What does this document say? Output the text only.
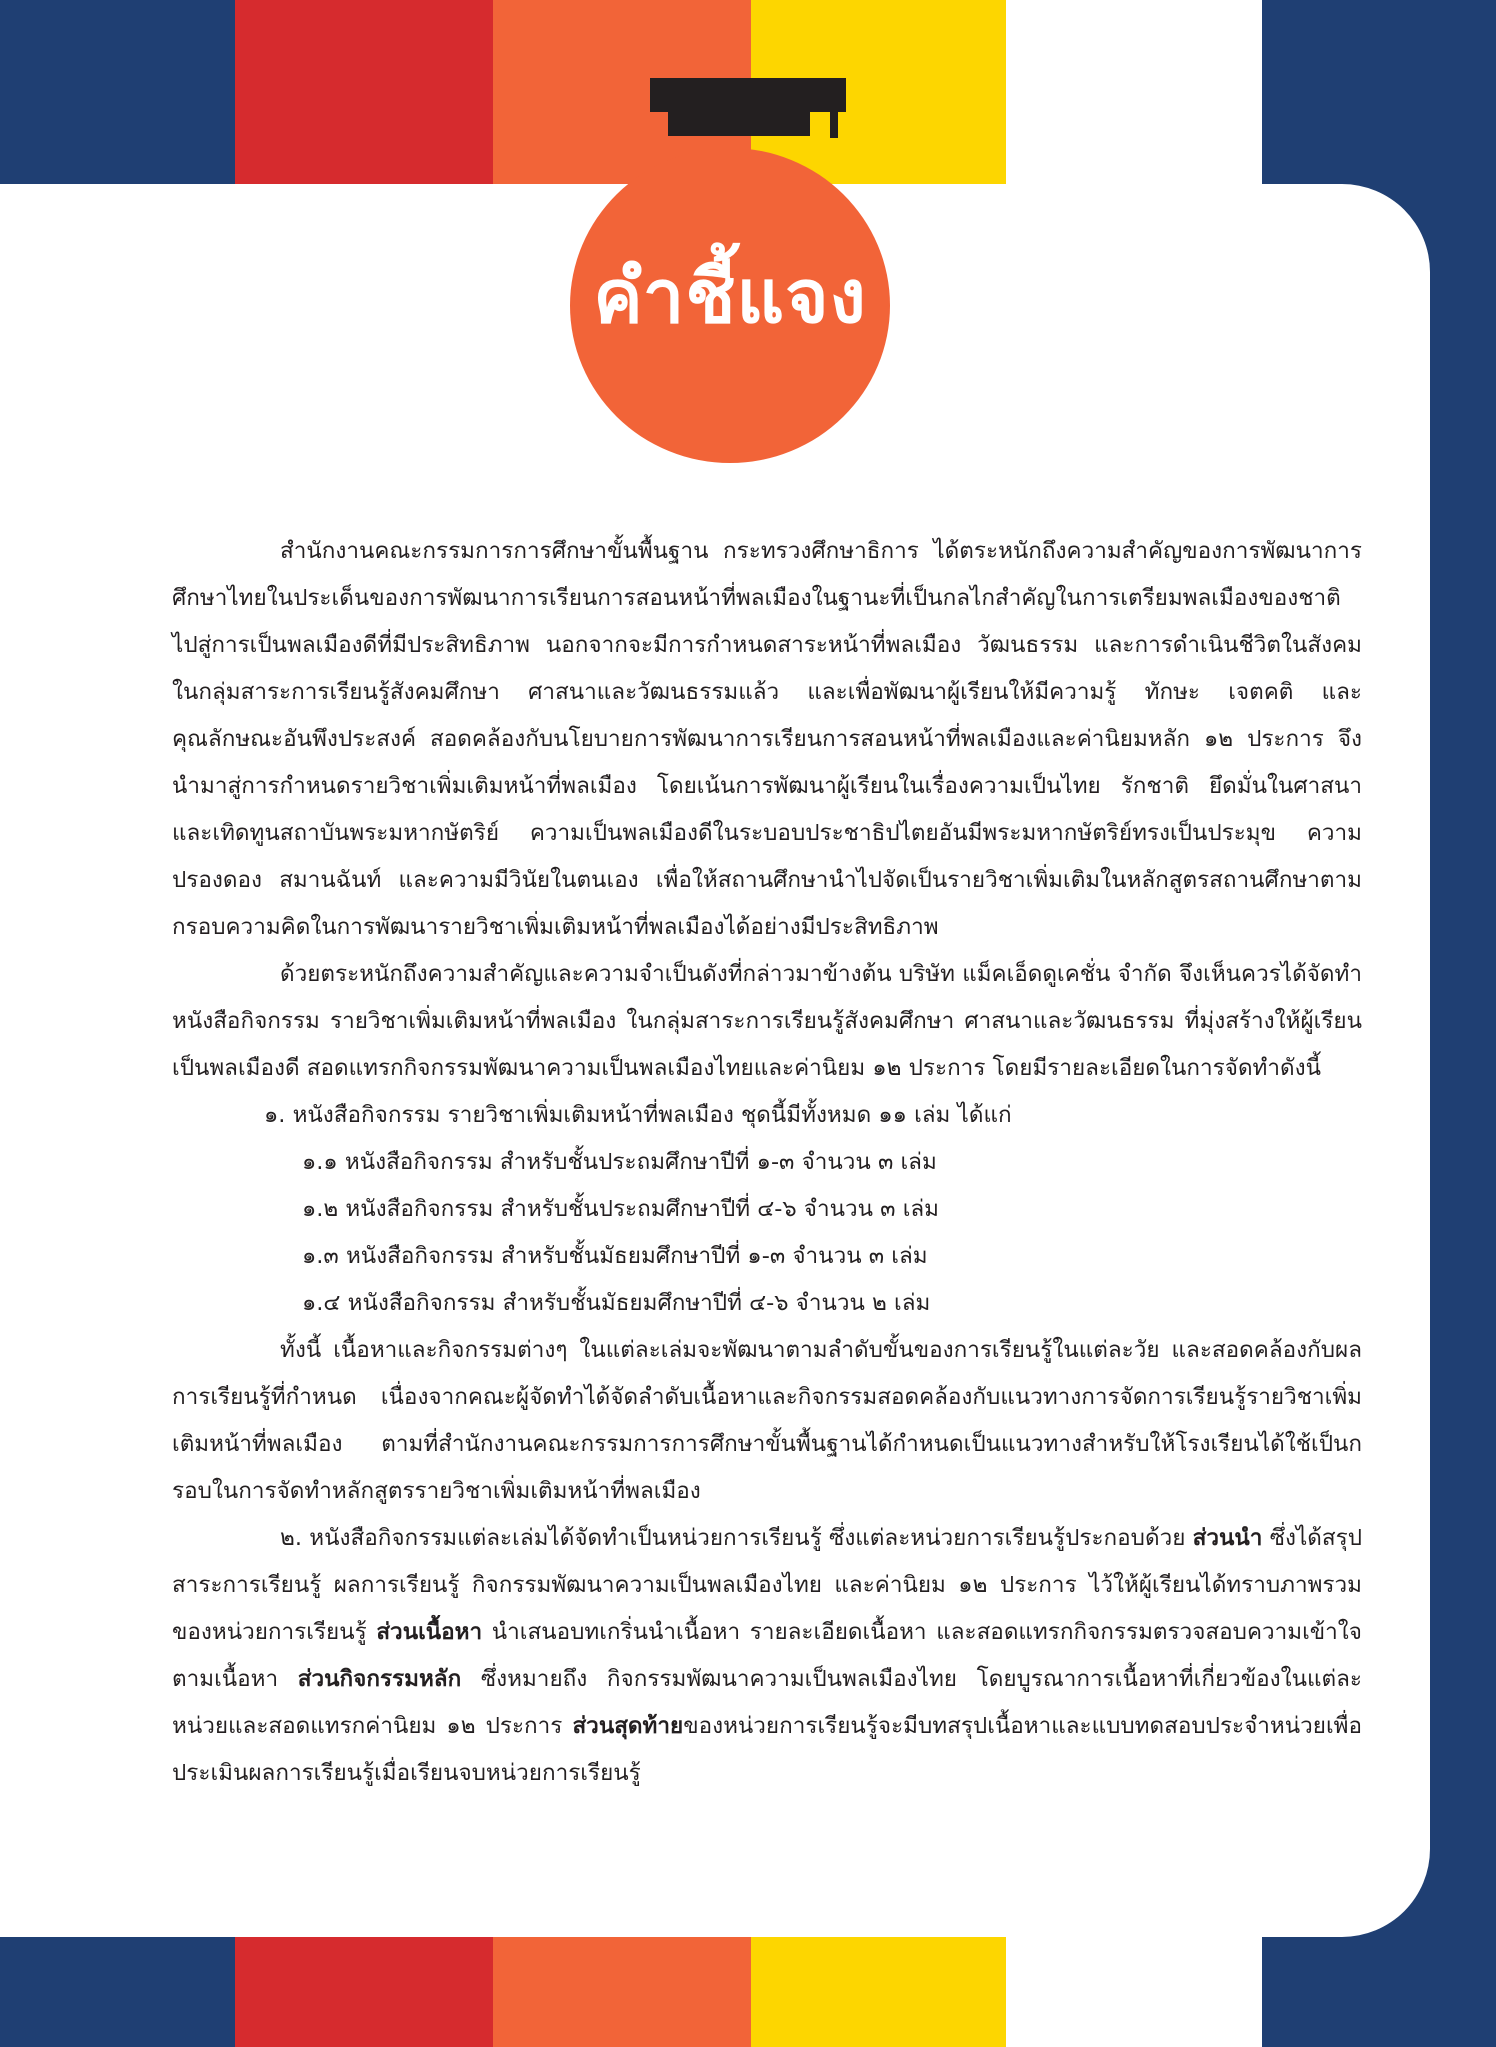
คำชี้แจง

สำนักงานคณะกรรมการการศึกษาขั้นพื้นฐาน กระทรวงศึกษาธิการ ได้ตระหนักถึงความสำคัญของการพัฒนาการศึกษาไทยในประเด็นของการพัฒนาการเรียนการสอนหน้าที่พลเมืองในฐานะที่เป็นกลไกสำคัญในการเตรียมพลเมืองของชาติไปสู่การเป็นพลเมืองดีที่มีประสิทธิภาพ นอกจากจะมีการกำหนดสาระหน้าที่พลเมือง วัฒนธรรม และการดำเนินชีวิตในสังคม ในกลุ่มสาระการเรียนรู้สังคมศึกษา ศาสนาและวัฒนธรรมแล้ว และเพื่อพัฒนาผู้เรียนให้มีความรู้ ทักษะ เจตคติ และคุณลักษณะอันพึงประสงค์ สอดคล้องกับนโยบายการพัฒนาการเรียนการสอนหน้าที่พลเมืองและค่านิยมหลัก ๑๒ ประการ จึงนำมาสู่การกำหนดรายวิชาเพิ่มเติมหน้าที่พลเมือง โดยเน้นการพัฒนาผู้เรียนในเรื่องความเป็นไทย รักชาติ ยึดมั่นในศาสนา และเทิดทูนสถาบันพระมหากษัตริย์ ความเป็นพลเมืองดีในระบอบประชาธิปไตยอันมีพระมหากษัตริย์ทรงเป็นประมุข ความปรองดอง สมานฉันท์ และความมีวินัยในตนเอง เพื่อให้สถานศึกษานำไปจัดเป็นรายวิชาเพิ่มเติมในหลักสูตรสถานศึกษาตามกรอบความคิดในการพัฒนารายวิชาเพิ่มเติมหน้าที่พลเมืองได้อย่างมีประสิทธิภาพ

ด้วยตระหนักถึงความสำคัญและความจำเป็นดังที่กล่าวมาข้างต้น บริษัท แม็คเอ็ดดูเคชั่น จำกัด จึงเห็นควรได้จัดทำหนังสือกิจกรรม รายวิชาเพิ่มเติมหน้าที่พลเมือง ในกลุ่มสาระการเรียนรู้สังคมศึกษา ศาสนาและวัฒนธรรม ที่มุ่งสร้างให้ผู้เรียนเป็นพลเมืองดี สอดแทรกกิจกรรมพัฒนาความเป็นพลเมืองไทยและค่านิยม ๑๒ ประการ โดยมีรายละเอียดในการจัดทำดังนี้

๑. หนังสือกิจกรรม รายวิชาเพิ่มเติมหน้าที่พลเมือง ชุดนี้มีทั้งหมด ๑๑ เล่ม ได้แก่

๑.๑ หนังสือกิจกรรม สำหรับชั้นประถมศึกษาปีที่ ๑-๓ จำนวน ๓ เล่ม

๑.๒ หนังสือกิจกรรม สำหรับชั้นประถมศึกษาปีที่ ๔-๖ จำนวน ๓ เล่ม

๑.๓ หนังสือกิจกรรม สำหรับชั้นมัธยมศึกษาปีที่ ๑-๓ จำนวน ๓ เล่ม

๑.๔ หนังสือกิจกรรม สำหรับชั้นมัธยมศึกษาปีที่ ๔-๖ จำนวน ๒ เล่ม

ทั้งนี้ เนื้อหาและกิจกรรมต่างๆ ในแต่ละเล่มจะพัฒนาตามลำดับขั้นของการเรียนรู้ในแต่ละวัย และสอดคล้องกับผลการเรียนรู้ที่กำหนด เนื่องจากคณะผู้จัดทำได้จัดลำดับเนื้อหาและกิจกรรมสอดคล้องกับแนวทางการจัดการเรียนรู้รายวิชาเพิ่มเติมหน้าที่พลเมือง ตามที่สำนักงานคณะกรรมการการศึกษาขั้นพื้นฐานได้กำหนดเป็นแนวทางสำหรับให้โรงเรียนได้ใช้เป็นกรอบในการจัดทำหลักสูตรรายวิชาเพิ่มเติมหน้าที่พลเมือง

๒. หนังสือกิจกรรมแต่ละเล่มได้จัดทำเป็นหน่วยการเรียนรู้ ซึ่งแต่ละหน่วยการเรียนรู้ประกอบด้วย ส่วนนำ ซึ่งได้สรุปสาระการเรียนรู้ ผลการเรียนรู้ กิจกรรมพัฒนาความเป็นพลเมืองไทย และค่านิยม ๑๒ ประการ ไว้ให้ผู้เรียนได้ทราบภาพรวมของหน่วยการเรียนรู้ ส่วนเนื้อหา นำเสนอบทเกริ่นนำเนื้อหา รายละเอียดเนื้อหา และสอดแทรกกิจกรรมตรวจสอบความเข้าใจตามเนื้อหา ส่วนกิจกรรมหลัก ซึ่งหมายถึง กิจกรรมพัฒนาความเป็นพลเมืองไทย โดยบูรณาการเนื้อหาที่เกี่ยวข้องในแต่ละหน่วยและสอดแทรกค่านิยม ๑๒ ประการ ส่วนสุดท้ายของหน่วยการเรียนรู้จะมีบทสรุปเนื้อหาและแบบทดสอบประจำหน่วยเพื่อประเมินผลการเรียนรู้เมื่อเรียนจบหน่วยการเรียนรู้
